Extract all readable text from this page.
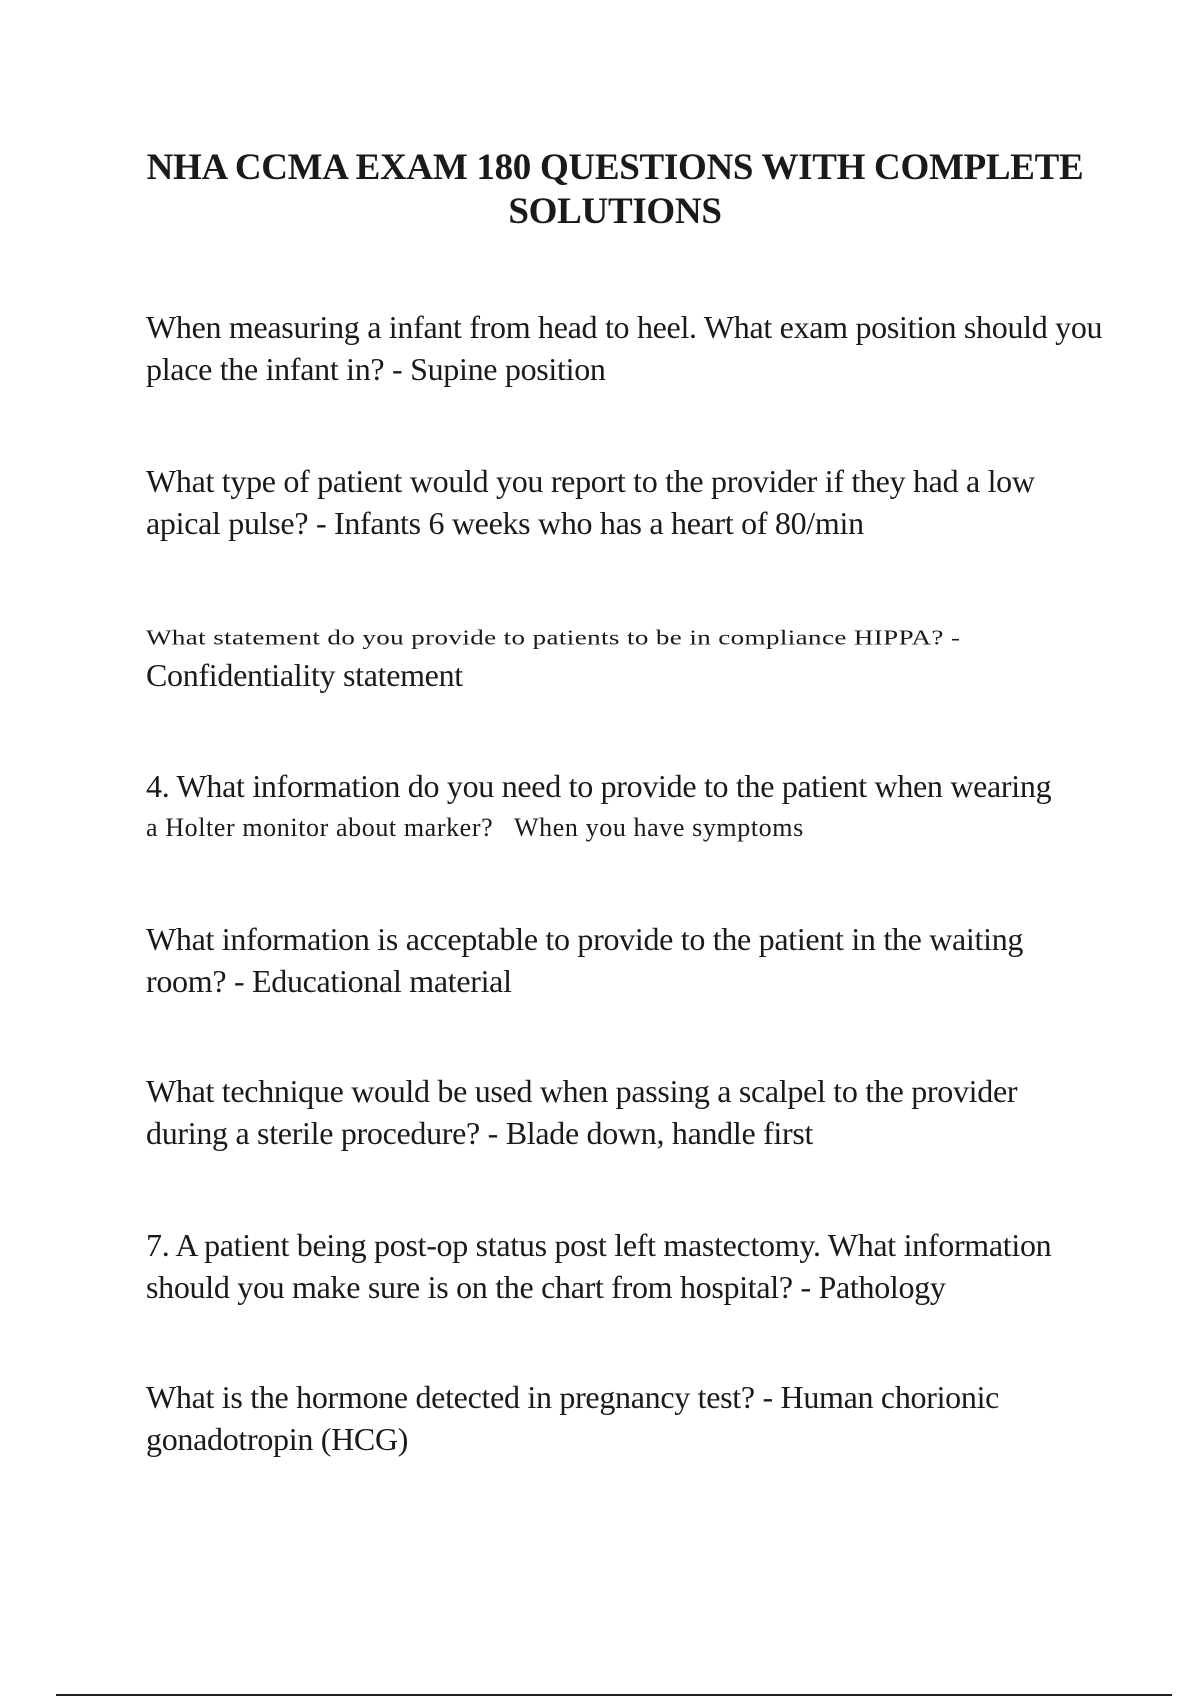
NHA CCMA EXAM 180 QUESTIONS WITH COMPLETE SOLUTIONS

When measuring a infant from head to heel. What exam position should you place the infant in? - Supine position

What type of patient would you report to the provider if they had a low apical pulse? - Infants 6 weeks who has a heart of 80/min

What statement do you provide to patients to be in compliance HIPPA? -
Confidentiality statement

4. What information do you need to provide to the patient when wearing
a Holter monitor about marker?   When you have symptoms

What information is acceptable to provide to the patient in the waiting room? - Educational material

What technique would be used when passing a scalpel to the provider during a sterile procedure? - Blade down, handle first

7. A patient being post-op status post left mastectomy. What information should you make sure is on the chart from hospital? - Pathology

What is the hormone detected in pregnancy test? - Human chorionic gonadotropin (HCG)
